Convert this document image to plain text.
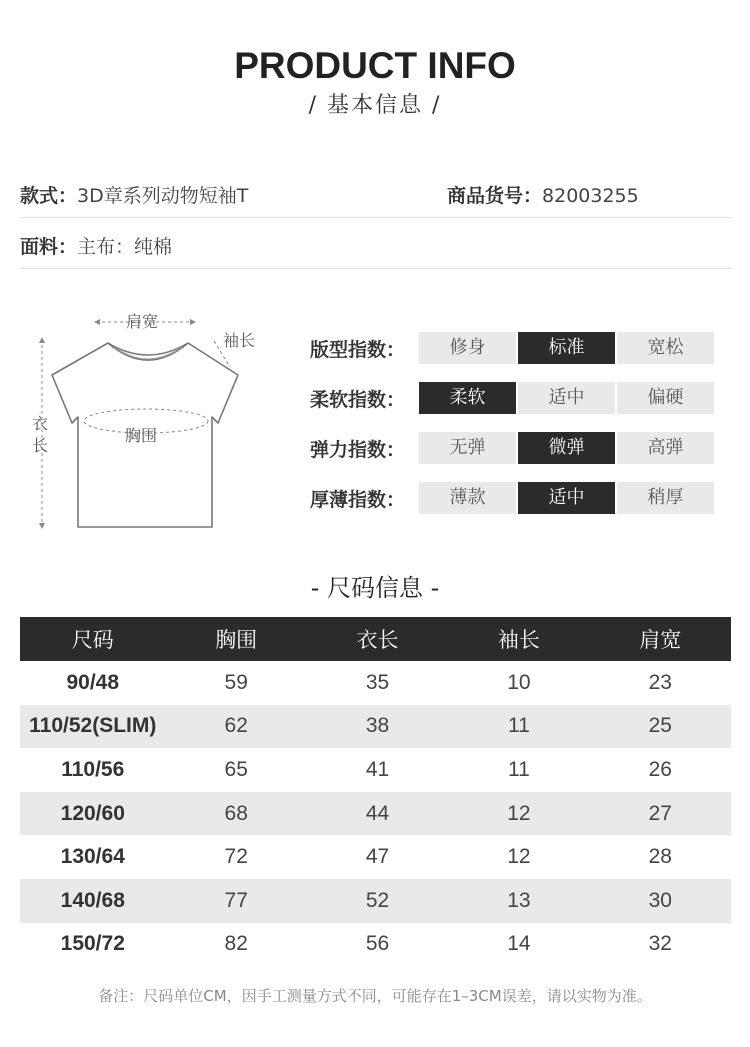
PRODUCT INFO
/ 基本信息 /
款式：3D章系列动物短袖T	商品货号：82003255
面料：主布：纯棉
肩宽
袖长
衣
长
胸围
版型指数：	修身	标准	宽松
柔软指数：	柔软	适中	偏硬
弹力指数：	无弹	微弹	高弹
厚薄指数：	薄款	适中	稍厚
- 尺码信息 -
尺码	胸围	衣长	袖长	肩宽
90/48	59	35	10	23
110/52(SLIM)	62	38	11	25
110/56	65	41	11	26
120/60	68	44	12	27
130/64	72	47	12	28
140/68	77	52	13	30
150/72	82	56	14	32
备注：尺码单位CM，因手工测量方式不同，可能存在1–3CM误差，请以实物为准。
